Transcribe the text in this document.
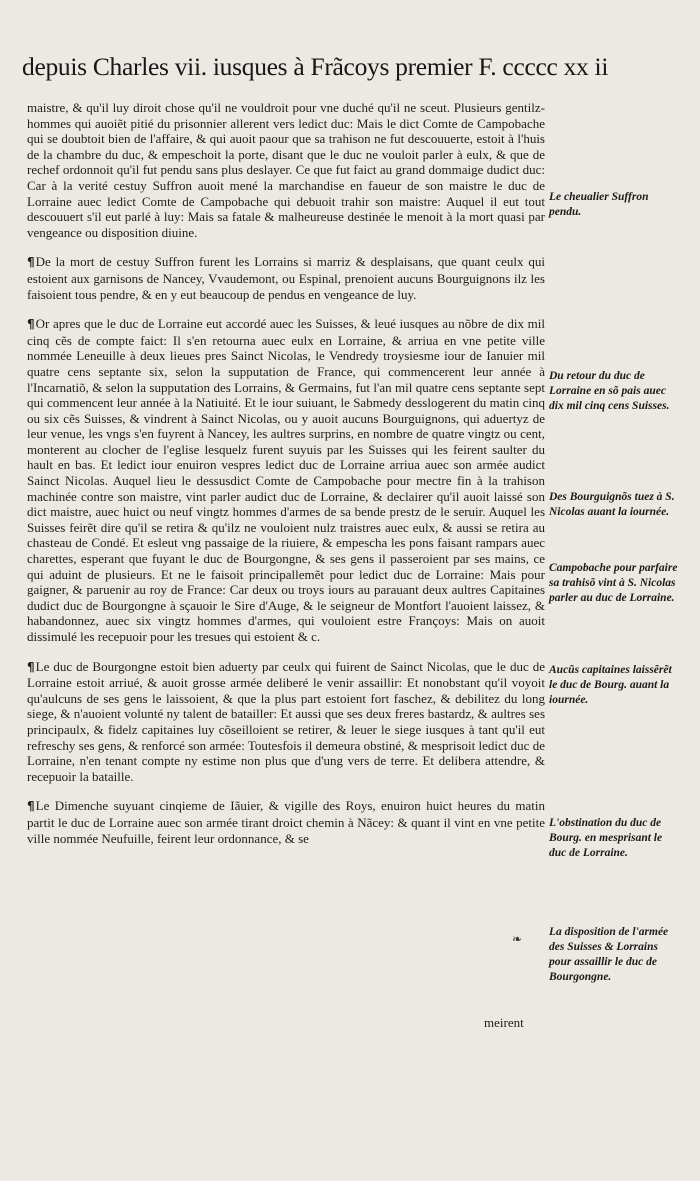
depuis Charles vii. iusques à Frãcoys premier F. ccccc xx ii

maistre, & qu'il luy diroit chose qu'il ne vouldroit pour vne duché qu'il ne sceut. Plusieurs gentilz-hommes qui auoiẽt pitié du prisonnier allerent vers ledict duc: Mais le dict Comte de Campobache qui se doubtoit bien de l'affaire, & qui auoit paour que sa trahison ne fut descouuerte, estoit à l'huis de la chambre du duc, & empeschoit la porte, disant que le duc ne vouloit parler à eulx, & que de rechef ordonnoit qu'il fut pendu sans plus deslayer. Ce que fut faict au grand dommaige dudict duc: Car à la verité cestuy Suffron auoit mené la marchandise en faueur de son maistre le duc de Lorraine auec ledict Comte de Campobache qui debuoit trahir son maistre: Auquel il eut tout descouuert s'il eut parlé à luy: Mais sa fatale & malheureuse destinée le menoit à la mort quasi par vengeance ou disposition diuine.

¶De la mort de cestuy Suffron furent les Lorrains si marriz & desplaisans, que quant ceulx qui estoient aux garnisons de Nancey, Vvaudemont, ou Espinal, prenoient aucuns Bourguignons ilz les faisoient tous pendre, & en y eut beaucoup de pendus en vengeance de luy.

¶Or apres que le duc de Lorraine eut accordé auec les Suisses, & leué iusques au nõbre de dix mil cinq cẽs de compte faict: Il s'en retourna auec eulx en Lorraine, & arriua en vne petite ville nommée Leneuille à deux lieues pres Sainct Nicolas, le Vendredy troysiesme iour de Ianuier mil quatre cens septante six, selon la supputation de France, qui commencerent leur année à l'Incarnatiõ, & selon la supputation des Lorrains, & Germains, fut l'an mil quatre cens septante sept qui commencent leur année à la Natiuité. Et le iour suiuant, le Sabmedy desslogerent du matin cinq ou six cẽs Suisses, & vindrent à Sainct Nicolas, ou y auoit aucuns Bourguignons, qui aduertyz de leur venue, les vngs s'en fuyrent à Nancey, les aultres surprins, en nombre de quatre vingtz ou cent, monterent au clocher de l'eglise lesquelz furent suyuis par les Suisses qui les feirent saulter du hault en bas. Et ledict iour enuiron vespres ledict duc de Lorraine arriua auec son armée audict Sainct Nicolas. Auquel lieu le dessusdict Comte de Campobache pour mectre fin à la trahison machinée contre son maistre, vint parler audict duc de Lorraine, & declairer qu'il auoit laissé son dict maistre, auec huict ou neuf vingtz hommes d'armes de sa bende prestz de le seruir. Auquel les Suisses feirẽt dire qu'il se retira & qu'ilz ne vouloient nulz traistres auec eulx, & aussi se retira au chasteau de Condé. Et esleut vng passaige de la riuiere, & empescha les pons faisant rampars auec charettes, esperant que fuyant le duc de Bourgongne, & ses gens il passeroient par ses mains, ce qui aduint de plusieurs. Et ne le faisoit principallemẽt pour ledict duc de Lorraine: Mais pour gaigner, & paruenir au roy de France: Car deux ou troys iours au parauant deux aultres Capitaines dudict duc de Bourgongne à sçauoir le Sire d'Auge, & le seigneur de Montfort l'auoient laissez, & habandonnez, auec six vingtz hommes d'armes, qui vouloient estre Françoys: Mais on auoit dissimulé les recepuoir pour les tresues qui estoient & c.

¶Le duc de Bourgongne estoit bien aduerty par ceulx qui fuirent de Sainct Nicolas, que le duc de Lorraine estoit arriué, & auoit grosse armée deliberé le venir assaillir: Et nonobstant qu'il voyoit qu'aulcuns de ses gens le laissoient, & que la plus part estoient fort faschez, & debilitez du long siege, & n'auoient volunté ny talent de batailler: Et aussi que ses deux freres bastardz, & aultres ses principaulx, & fidelz capitaines luy cõseilloient se retirer, & leuer le siege iusques à tant qu'il eut refreschy ses gens, & renforcé son armée: Toutesfois il demeura obstiné, & mesprisoit ledict duc de Lorraine, n'en tenant compte ny estime non plus que d'ung vers de terre. Et delibera attendre, & recepuoir la bataille.

¶Le Dimenche suyuant cinqieme de Iãuier, & vigille des Roys, enuiron huict heures du matin partit le duc de Lorraine auec son armée tirant droict chemin à Nãcey: & quant il vint en vne petite ville nommée Neufuille, feirent leur ordonnance, & se

Le cheualier Suffron pendu.
Du retour du duc de Lorraine en sõ pais auec dix mil cinq cens Suisses.
Des Bourguignõs tuez à S. Nicolas auant la iournée.
Campobache pour parfaire sa trahisõ vint à S. Nicolas parler au duc de Lorraine.
Aucũs capitaines laissẽrẽt le duc de Bourg. auant la iournée.
L'obstination du duc de Bourg. en mesprisant le duc de Lorraine.
La disposition de l'armée des Suisses & Lorrains pour assaillir le duc de Bourgongne.
❧
meirent
